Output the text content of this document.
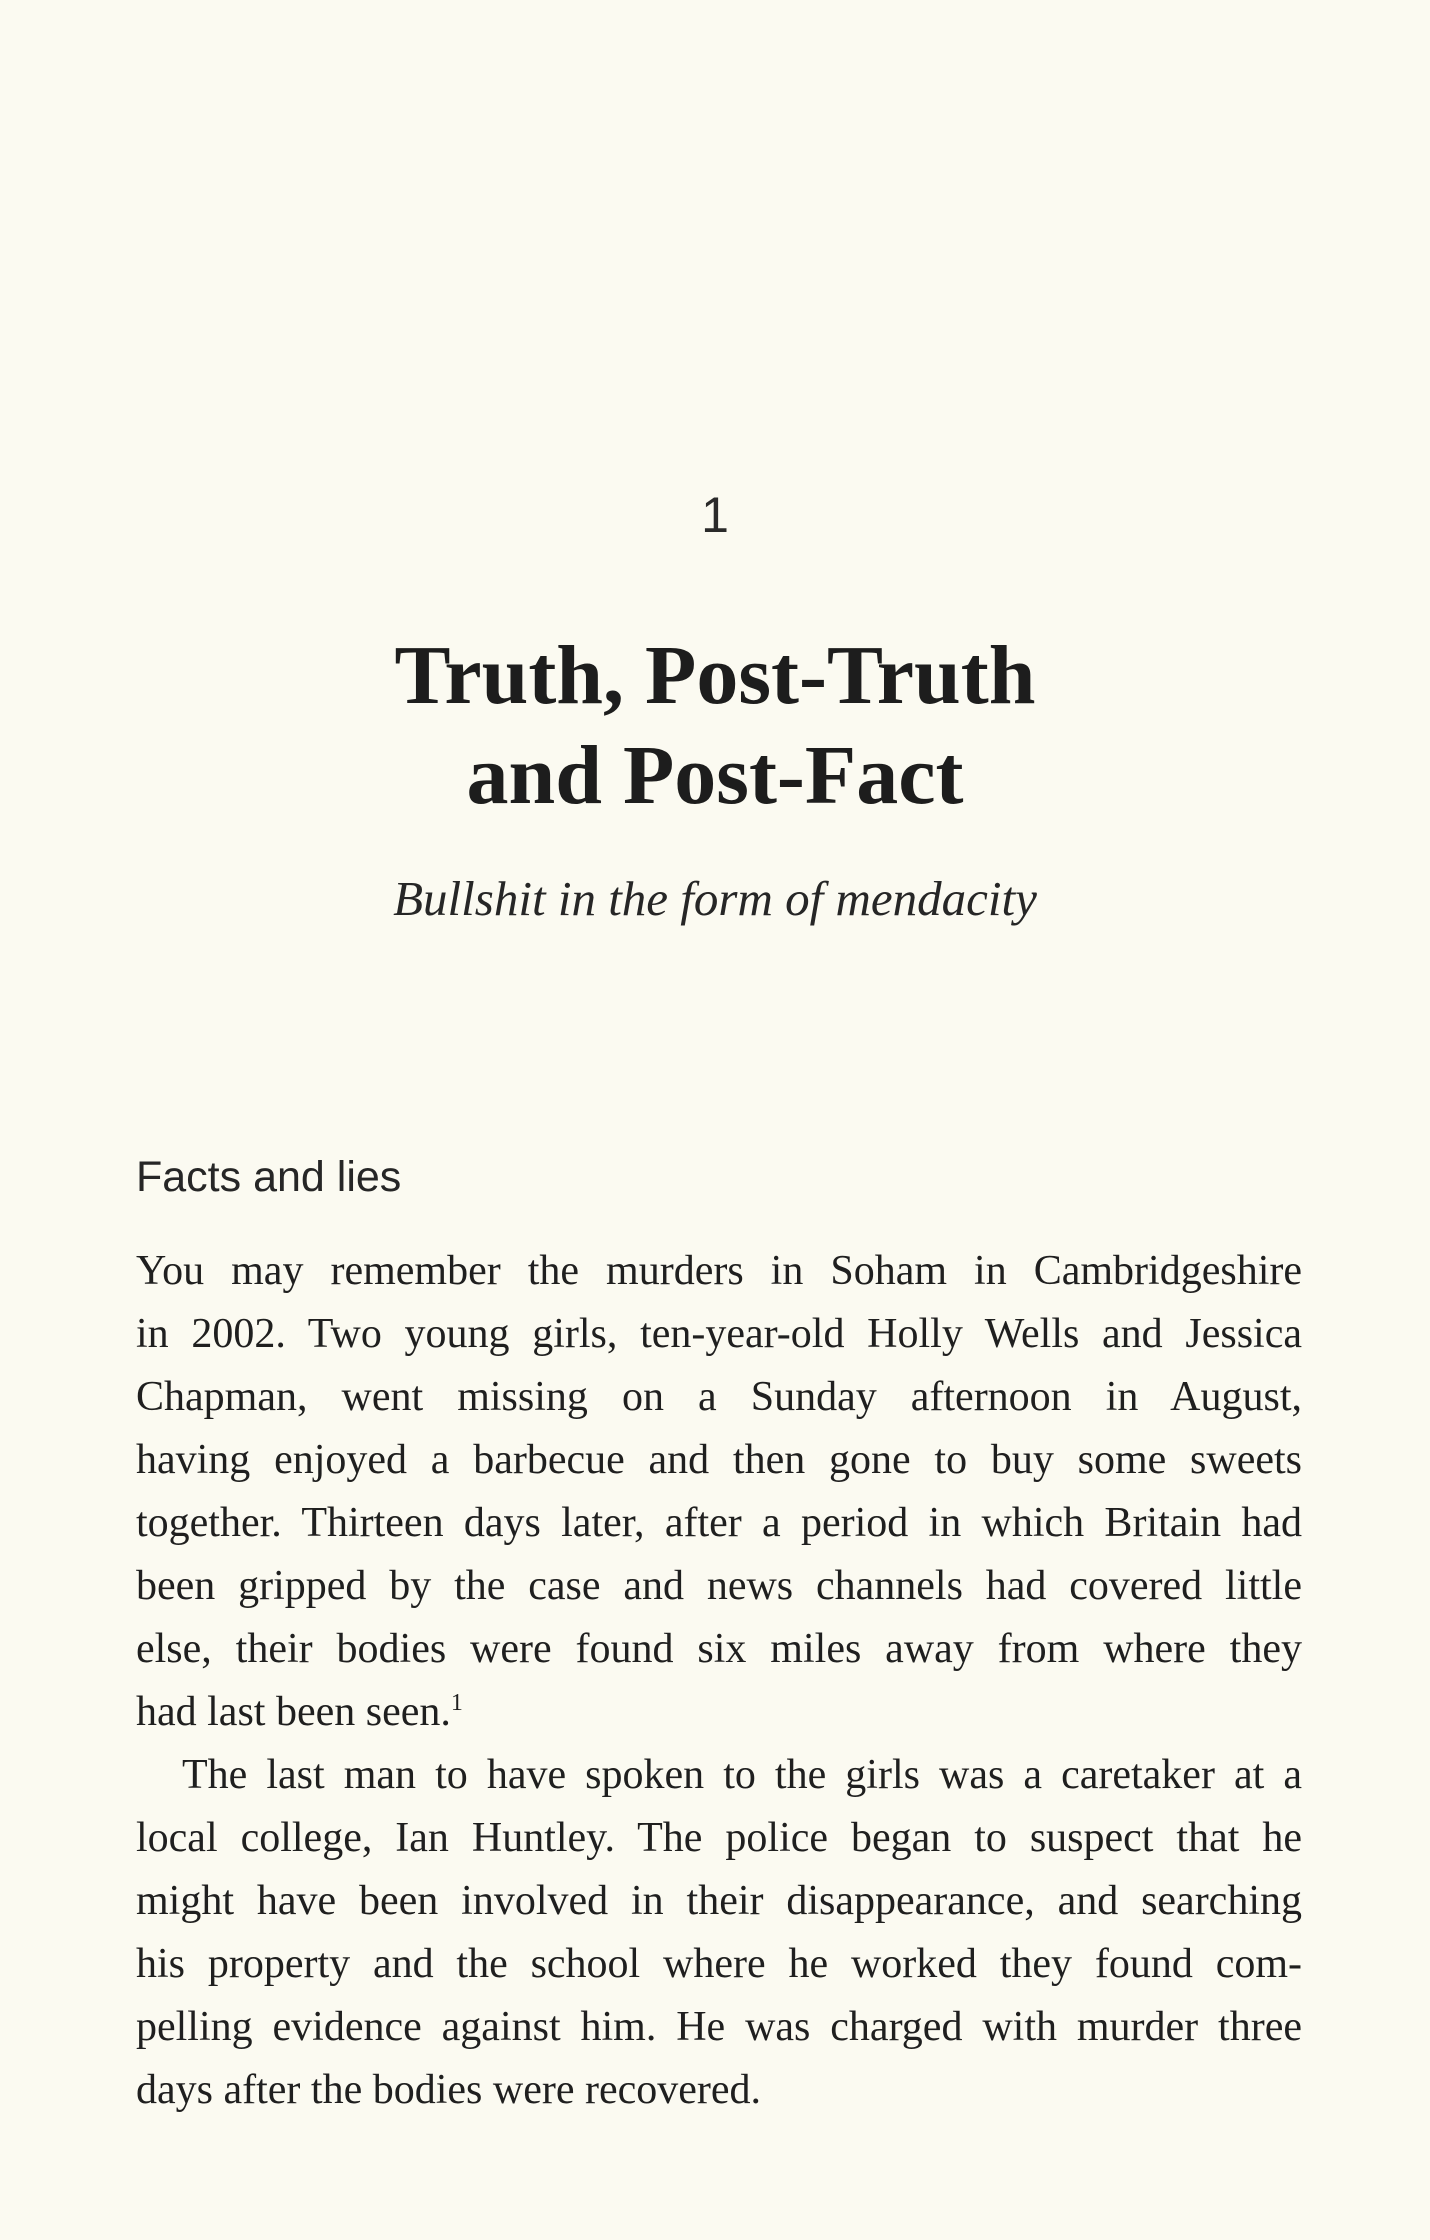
1
Truth, Post-Truth
and Post-Fact
Bullshit in the form of mendacity
Facts and lies

You may remember the murders in Soham in Cambridgeshire

in 2002. Two young girls, ten-year-old Holly Wells and Jessica

Chapman, went missing on a Sunday afternoon in August,

having enjoyed a barbecue and then gone to buy some sweets

together. Thirteen days later, after a period in which Britain had

been gripped by the case and news channels had covered little

else, their bodies were found six miles away from where they

had last been seen.$^1$

The last man to have spoken to the girls was a caretaker at a

local college, Ian Huntley. The police began to suspect that he

might have been involved in their disappearance, and searching

his property and the school where he worked they found com-

pelling evidence against him. He was charged with murder three

days after the bodies were recovered.
